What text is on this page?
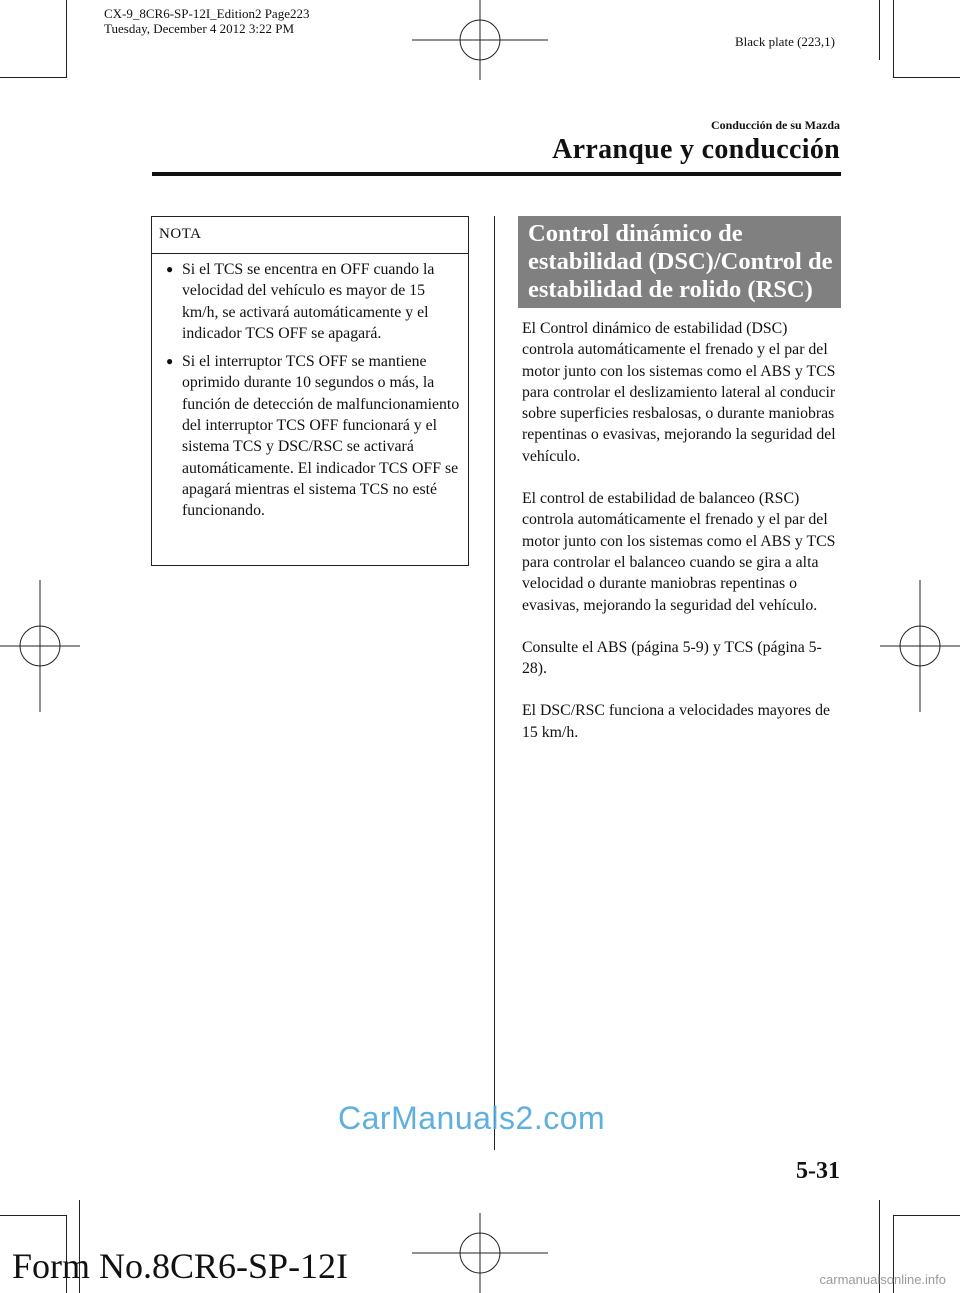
CX-9_8CR6-SP-12I_Edition2 Page223
Tuesday, December 4 2012 3:22 PM
Black plate (223,1)
Conducción de su Mazda
Arranque y conducción
NOTA
● Si el TCS se encentra en OFF cuando la velocidad del vehículo es mayor de 15 km/h, se activará automáticamente y el indicador TCS OFF se apagará.
● Si el interruptor TCS OFF se mantiene oprimido durante 10 segundos o más, la función de detección de malfuncionamiento del interruptor TCS OFF funcionará y el sistema TCS y DSC/RSC se activará automáticamente. El indicador TCS OFF se apagará mientras el sistema TCS no esté funcionando.
Control dinámico de
estabilidad (DSC)/Control de
estabilidad de rolido (RSC)

El Control dinámico de estabilidad (DSC) controla automáticamente el frenado y el par del motor junto con los sistemas como el ABS y TCS para controlar el deslizamiento lateral al conducir sobre superficies resbalosas, o durante maniobras repentinas o evasivas, mejorando la seguridad del vehículo.

El control de estabilidad de balanceo (RSC) controla automáticamente el frenado y el par del motor junto con los sistemas como el ABS y TCS para controlar el balanceo cuando se gira a alta velocidad o durante maniobras repentinas o evasivas, mejorando la seguridad del vehículo.

Consulte el ABS (página 5-9) y TCS (página 5-28).

El DSC/RSC funciona a velocidades mayores de 15 km/h.

CarManuals2.com
5-31
Form No.8CR6-SP-12I	carmanualsonline.info
